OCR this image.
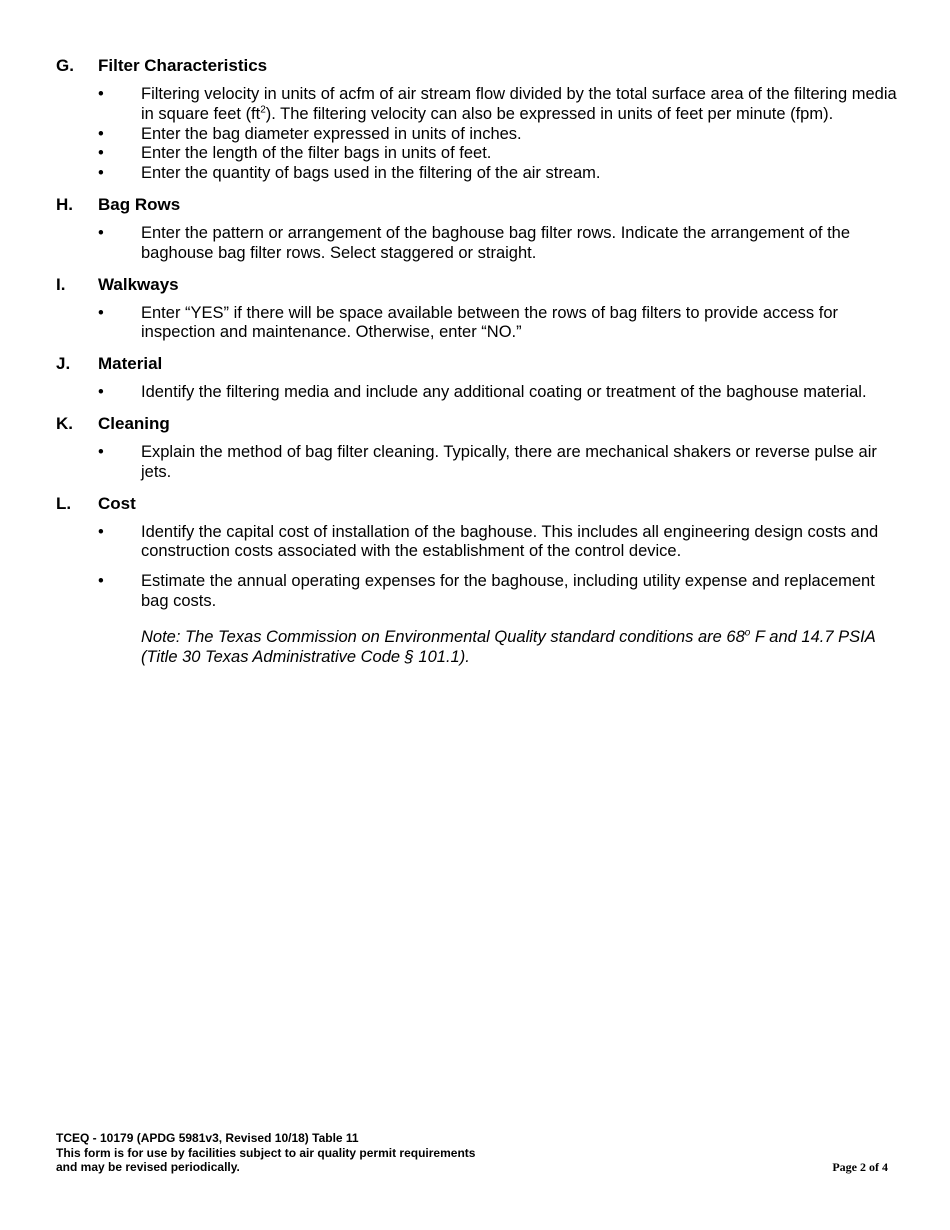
G.	Filter Characteristics
•	Filtering velocity in units of acfm of air stream flow divided by the total surface area of the filtering media in square feet $(ft^2)$. The filtering velocity can also be expressed in units of feet per minute (fpm).
•	Enter the bag diameter expressed in units of inches.
•	Enter the length of the filter bags in units of feet.
•	Enter the quantity of bags used in the filtering of the air stream.
H.	Bag Rows
•	Enter the pattern or arrangement of the baghouse bag filter rows. Indicate the arrangement of the baghouse bag filter rows. Select staggered or straight.
I.	Walkways
•	Enter “YES” if there will be space available between the rows of bag filters to provide access for inspection and maintenance. Otherwise, enter “NO.”
J.	Material
•	Identify the filtering media and include any additional coating or treatment of the baghouse material.
K.	Cleaning
•	Explain the method of bag filter cleaning. Typically, there are mechanical shakers or reverse pulse air jets.
L.	Cost
•	Identify the capital cost of installation of the baghouse. This includes all engineering design costs and construction costs associated with the establishment of the control device.
•	Estimate the annual operating expenses for the baghouse, including utility expense and replacement bag costs.
Note: The Texas Commission on Environmental Quality standard conditions are 68$^o$ F and 14.7 PSIA (Title 30 Texas Administrative Code § 101.1).
TCEQ - 10179 (APDG 5981v3, Revised 10/18) Table 11
This form is for use by facilities subject to air quality permit requirements
and may be revised periodically.	Page 2 of 4
